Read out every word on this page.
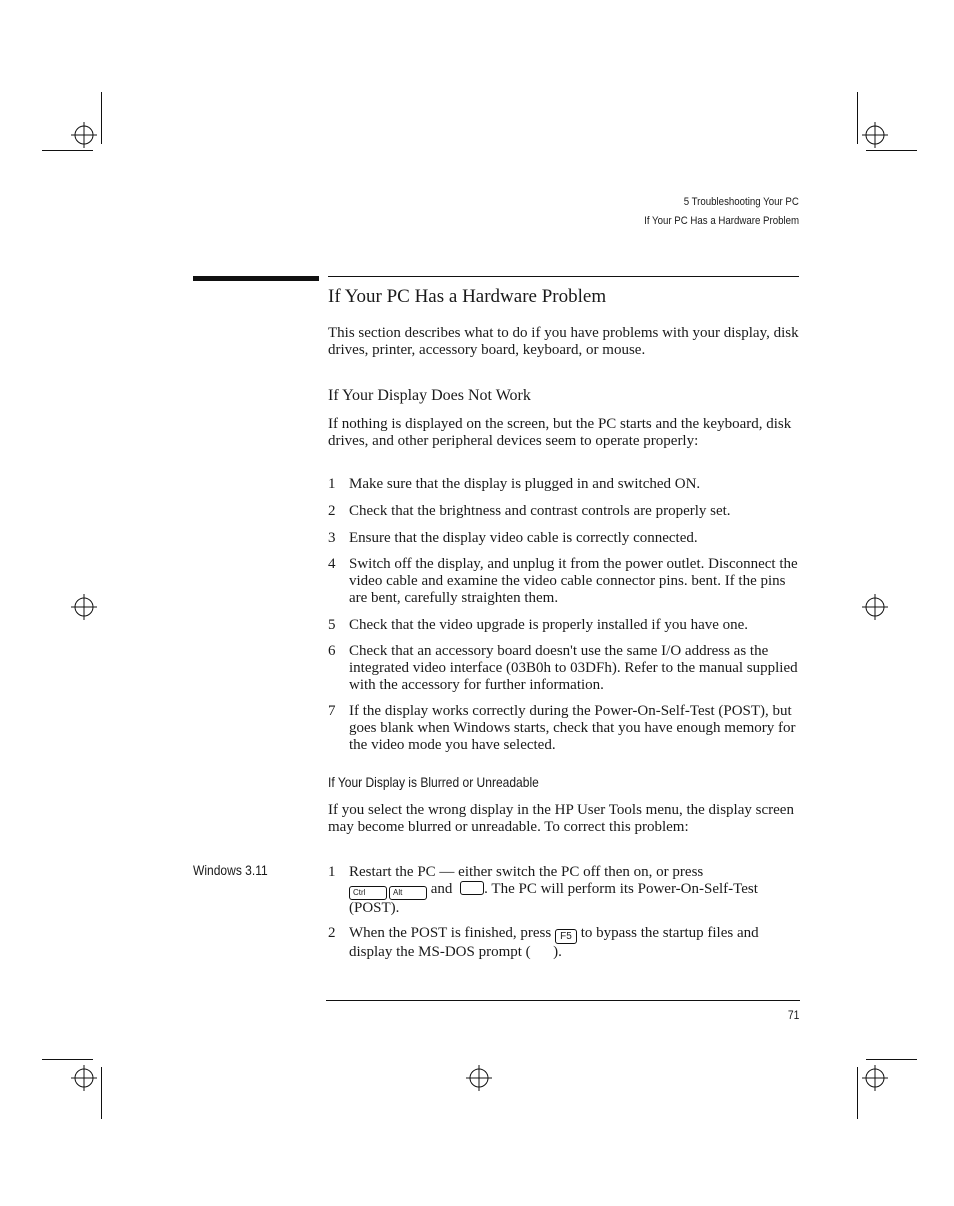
5 Troubleshooting Your PC
If Your PC Has a Hardware Problem
If Your PC Has a Hardware Problem
This section describes what to do if you have problems with your display, disk drives, printer, accessory board, keyboard, or mouse.
If Your Display Does Not Work
If nothing is displayed on the screen, but the PC starts and the keyboard, disk drives, and other peripheral devices seem to operate properly:
1 Make sure that the display is plugged in and switched ON.
2 Check that the brightness and contrast controls are properly set.
3 Ensure that the display video cable is correctly connected.
4 Switch off the display, and unplug it from the power outlet. Disconnect the video cable and examine the video cable connector pins. bent. If the pins are bent, carefully straighten them.
5 Check that the video upgrade is properly installed if you have one.
6 Check that an accessory board doesn't use the same I/O address as the integrated video interface (03B0h to 03DFh). Refer to the manual supplied with the accessory for further information.
7 If the display works correctly during the Power-On-Self-Test (POST), but goes blank when Windows starts, check that you have enough memory for the video mode you have selected.
If Your Display is Blurred or Unreadable
If you select the wrong display in the HP User Tools menu, the display screen may become blurred or unreadable. To correct this problem:
Windows 3.11	1 Restart the PC — either switch the PC off then on, or press
Ctrl	Alt and . The PC will perform its Power-On-Self-Test
(POST).
2 When the POST is finished, press F5 to bypass the startup files and
display the MS-DOS prompt (      ).
71
